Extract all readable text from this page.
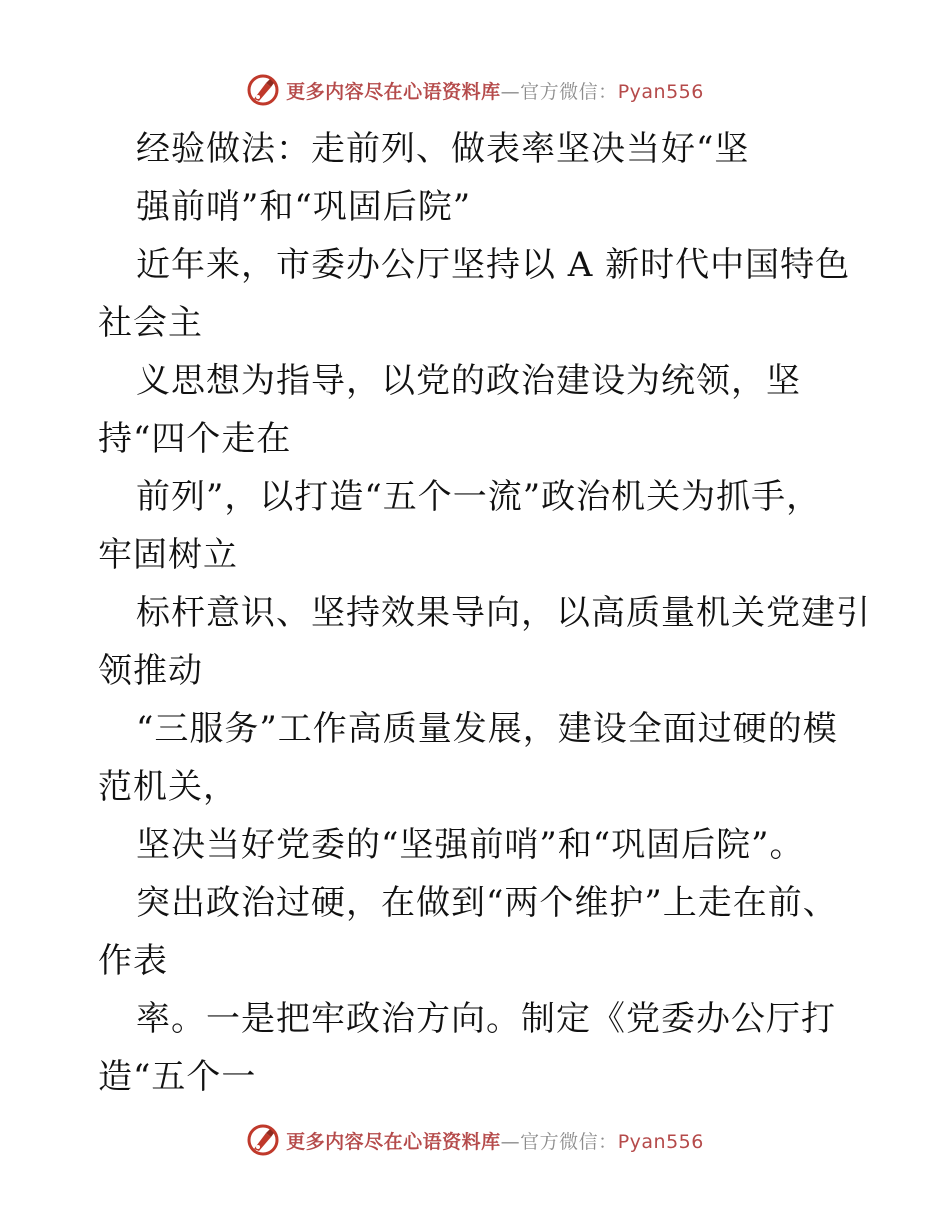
更多内容尽在心语资料库—官方微信：Pyan556
经验做法：走前列、做表率坚决当好“坚
强前哨”和“巩固后院”
近年来，市委办公厅坚持以 A 新时代中国特色
社会主
义思想为指导，以党的政治建设为统领，坚
持“四个走在
前列”，以打造“五个一流”政治机关为抓手，
牢固树立
标杆意识、坚持效果导向，以高质量机关党建引
领推动
“三服务”工作高质量发展，建设全面过硬的模
范机关，
坚决当好党委的“坚强前哨”和“巩固后院”。
突出政治过硬，在做到“两个维护”上走在前、
作表
率。一是把牢政治方向。制定《党委办公厅打
造“五个一
更多内容尽在心语资料库—官方微信：Pyan556
